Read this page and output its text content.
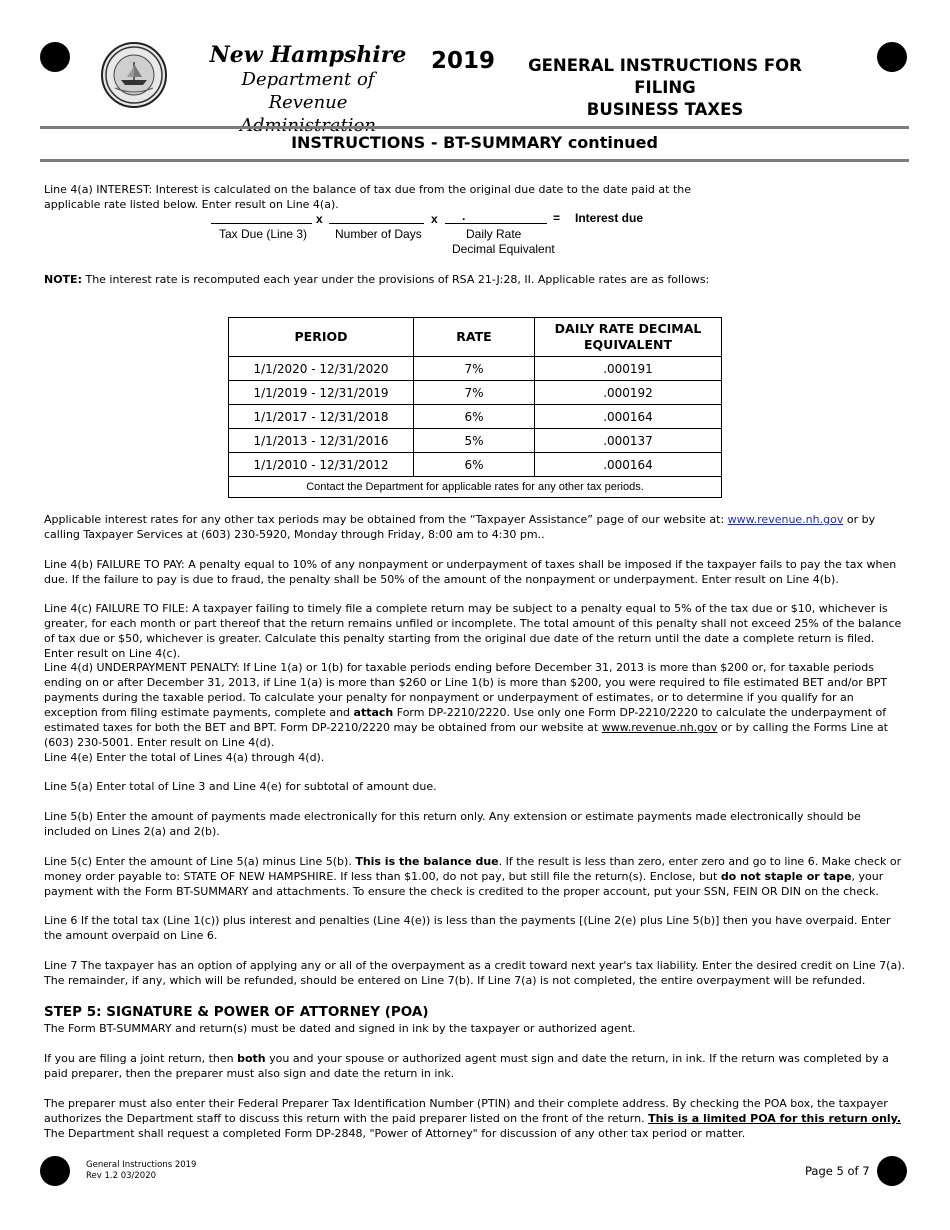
New Hampshire
Department of
Revenue
2019	GENERAL INSTRUCTIONS FOR FILING
BUSINESS TAXES
INSTRUCTIONS - BT-SUMMARY continued
Line 4(a) INTEREST: Interest is calculated on the balance of tax due from the original due date to the date paid at the applicable rate listed below. Enter result on Line 4(a).
x	x .	= Interest due
Tax Due (Line 3) Number of Days	Daily Rate
Decimal Equivalent
NOTE: The interest rate is recomputed each year under the provisions of RSA 21-J:28, II. Applicable rates are as follows:
PERIOD	RATE	DAILY RATE DECIMAL EQUIVALENT

1/1/2020 - 12/31/2020	7%	.000191
1/1/2019 - 12/31/2019	7%	.000192
1/1/2017 - 12/31/2018	6%	.000164
1/1/2013 - 12/31/2016	5%	.000137
1/1/2010 - 12/31/2012	6%	.000164
Contact the Department for applicable rates for any other tax periods.		
Applicable interest rates for any other tax periods may be obtained from the “Taxpayer Assistance” page of our website at: www.revenue.nh.gov or by calling Taxpayer Services at (603) 230-5920, Monday through Friday, 8:00 am to 4:30 pm..
Line 4(b) FAILURE TO PAY: A penalty equal to 10% of any nonpayment or underpayment of taxes shall be imposed if the taxpayer fails to pay the tax when due. If the failure to pay is due to fraud, the penalty shall be 50% of the amount of the nonpayment or underpayment. Enter result on Line 4(b).
Line 4(c) FAILURE TO FILE: A taxpayer failing to timely file a complete return may be subject to a penalty equal to 5% of the tax due or $10, whichever is greater, for each month or part thereof that the return remains unfiled or incomplete. The total amount of this penalty shall not exceed 25% of the balance of tax due or $50, whichever is greater. Calculate this penalty starting from the original due date of the return until the date a complete return is filed. Enter result on Line 4(c).
Line 4(d) UNDERPAYMENT PENALTY: If Line 1(a) or 1(b) for taxable periods ending before December 31, 2013 is more than $200 or, for taxable periods ending on or after December 31, 2013, if Line 1(a) is more than $260 or Line 1(b) is more than $200, you were required to file estimated BET and/or BPT payments during the taxable period. To calculate your penalty for nonpayment or underpayment of estimates, or to determine if you qualify for an exception from filing estimate payments, complete and attach Form DP-2210/2220. Use only one Form DP-2210/2220 to calculate the underpayment of estimated taxes for both the BET and BPT. Form DP-2210/2220 may be obtained from our website at www.revenue.nh.gov or by calling the Forms Line at (603) 230-5001. Enter result on Line 4(d).
Line 4(e) Enter the total of Lines 4(a) through 4(d).
Line 5(a) Enter total of Line 3 and Line 4(e) for subtotal of amount due.
Line 5(b) Enter the amount of payments made electronically for this return only. Any extension or estimate payments made electronically should be included on Lines 2(a) and 2(b).
Line 5(c) Enter the amount of Line 5(a) minus Line 5(b). This is the balance due. If the result is less than zero, enter zero and go to line 6. Make check or money order payable to: STATE OF NEW HAMPSHIRE. If less than $1.00, do not pay, but still file the return(s). Enclose, but do not staple or tape, your payment with the Form BT-SUMMARY and attachments. To ensure the check is credited to the proper account, put your SSN, FEIN OR DIN on the check.
Line 6 If the total tax (Line 1(c)) plus interest and penalties (Line 4(e)) is less than the payments [(Line 2(e) plus Line 5(b)] then you have overpaid. Enter the amount overpaid on Line 6.
Line 7 The taxpayer has an option of applying any or all of the overpayment as a credit toward next year's tax liability. Enter the desired credit on Line 7(a). The remainder, if any, which will be refunded, should be entered on Line 7(b). If Line 7(a) is not completed, the entire overpayment will be refunded.
STEP 5: SIGNATURE & POWER OF ATTORNEY (POA)
The Form BT-SUMMARY and return(s) must be dated and signed in ink by the taxpayer or authorized agent.
If you are filing a joint return, then both you and your spouse or authorized agent must sign and date the return, in ink. If the return was completed by a paid preparer, then the preparer must also sign and date the return in ink.
The preparer must also enter their Federal Preparer Tax Identification Number (PTIN) and their complete address. By checking the POA box, the taxpayer authorizes the Department staff to discuss this return with the paid preparer listed on the front of the return. This is a limited POA for this return only. The Department shall request a completed Form DP-2848, "Power of Attorney" for discussion of any other tax period or matter.
General Instructions 2019
Rev 1.2 03/2020	Page 5 of 7
